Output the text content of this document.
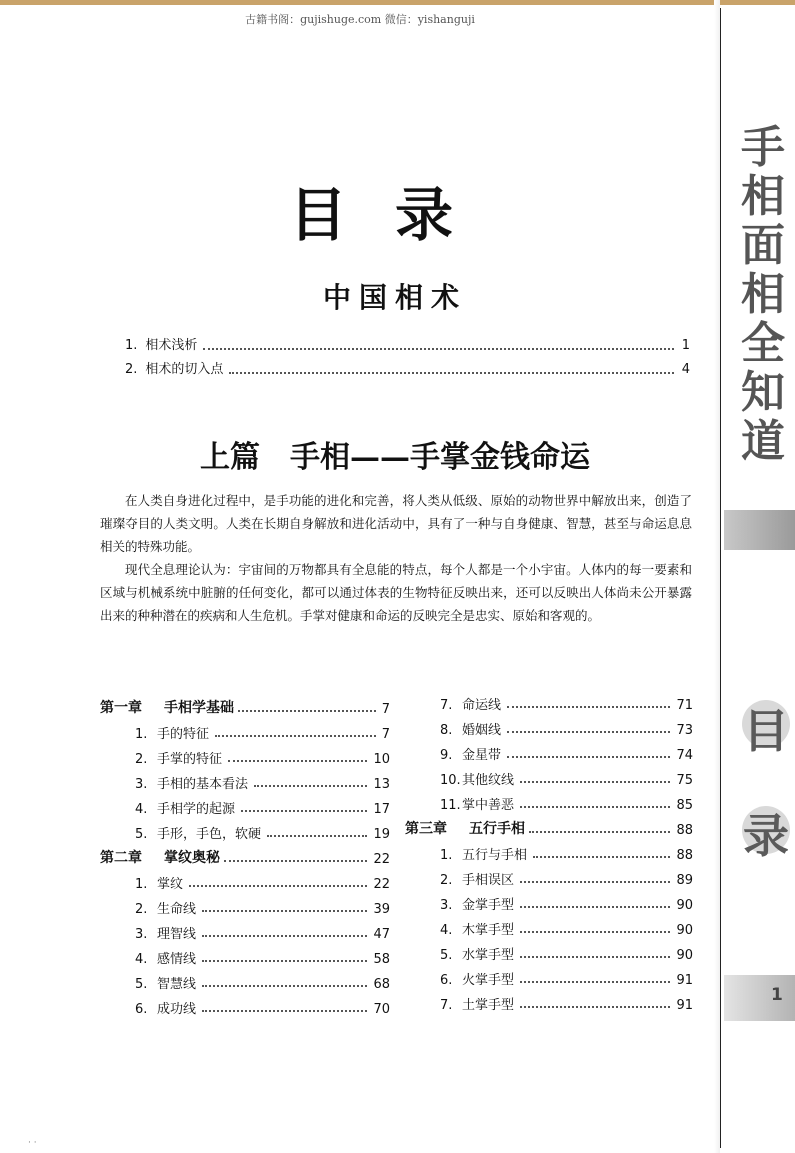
古籍书阁：gujishuge.com 微信：yishanguji
目录
中国相术
1. 相术浅析	1
2. 相术的切入点	4
上篇　手相——手掌金钱命运

在人类自身进化过程中，是手功能的进化和完善，将人类从低级、原始的动物世界中解放出来，创造了璀璨夺目的人类文明。人类在长期自身解放和进化活动中，具有了一种与自身健康、智慧，甚至与命运息息相关的特殊功能。

现代全息理论认为：宇宙间的万物都具有全息能的特点，每个人都是一个小宇宙。人体内的每一要素和区域与机械系统中脏腑的任何变化，都可以通过体表的生物特征反映出来，还可以反映出人体尚未公开暴露出来的种种潜在的疾病和人生危机。手掌对健康和命运的反映完全是忠实、原始和客观的。

第一章 手相学基础	7
1. 手的特征	7
2. 手掌的特征	10
3. 手相的基本看法	13
4. 手相学的起源	17
5. 手形，手色，软硬	19
第二章 掌纹奥秘	22
1. 掌纹	22
2. 生命线	39
3. 理智线	47
4. 感情线	58
5. 智慧线	68
6. 成功线	70
7. 命运线	71
8. 婚姻线	73
9. 金星带	74
10. 其他纹线	75
11. 掌中善恶	85
第三章 五行手相	88
1. 五行与手相	88
2. 手相误区	89
3. 金掌手型	90
4. 木掌手型	90
5. 水掌手型	90
6. 火掌手型	91
7. 土掌手型	91
手相面相全知道
目
录
1
· ·
